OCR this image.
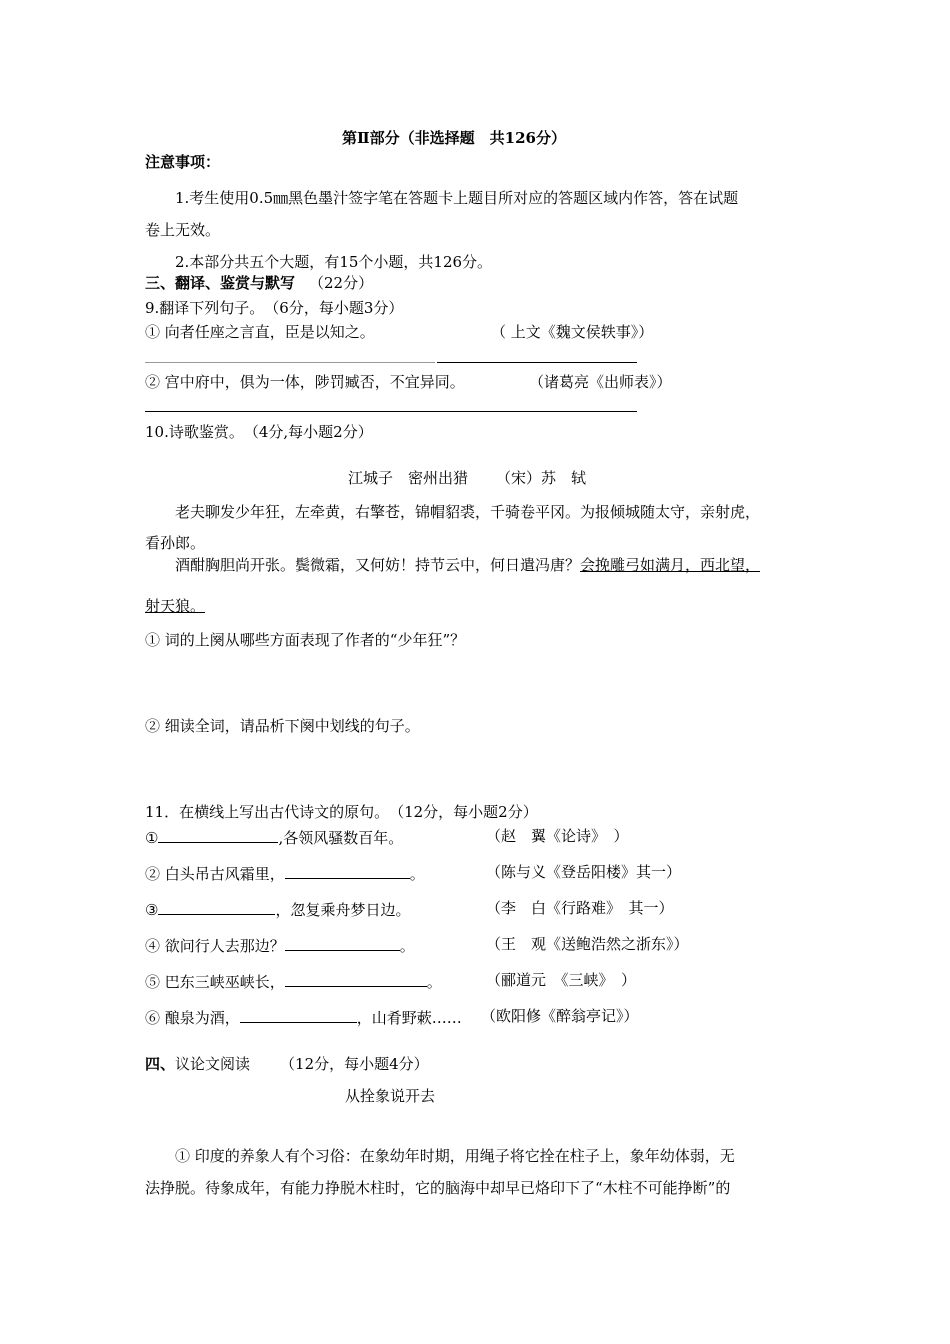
第Ⅱ部分（非选择题　共126分）
注意事项：
1.考生使用0.5㎜黑色墨汁签字笔在答题卡上题目所对应的答题区域内作答，答在试题
卷上无效。
2.本部分共五个大题，有15个小题，共126分。
三、翻译、鉴赏与默写 （22分）
9.翻译下列句子。　（6分，每小题3分）
① 向者任座之言直，臣是以知之。	（ 上文《魏文侯轶事》）
② 宫中府中，俱为一体，陟罚臧否，不宜异同。	（诸葛亮《出师表》）
10.诗歌鉴赏。　（4分,每小题2分）
江城子　密州出猎 （宋）苏　轼
老夫聊发少年狂，左牵黄，右擎苍，锦帽貂裘，千骑卷平冈。为报倾城随太守，亲射虎，
看孙郎。
酒酣胸胆尚开张。鬓微霜，又何妨！持节云中，何日遣冯唐？会挽雕弓如满月，西北望，
射天狼。
① 词的上阕从哪些方面表现了作者的“少年狂”？
② 细读全词，请品析下阕中划线的句子。
11．在横线上写出古代诗文的原句。　（12分，每小题2分）
①	,各领风骚数百年。	（赵　翼《论诗》　）
② 白头吊古风霜里，	。	（陈与义《登岳阳楼》其一）
③	，忽复乘舟梦日边。	（李　白《行路难》　其一）
④ 欲问行人去那边？	。	（王　观《送鲍浩然之浙东》）
⑤ 巴东三峡巫峡长，	。	（郦道元　《三峡》　）
⑥ 酿泉为酒，	，山肴野蔌…… （欧阳修《醉翁亭记》）
四、议论文阅读 （12分，每小题4分）
从拴象说开去
① 印度的养象人有个习俗：在象幼年时期，用绳子将它拴在柱子上，象年幼体弱，无
法挣脱。待象成年，有能力挣脱木柱时，它的脑海中却早已烙印下了“木柱不可能挣断”的
